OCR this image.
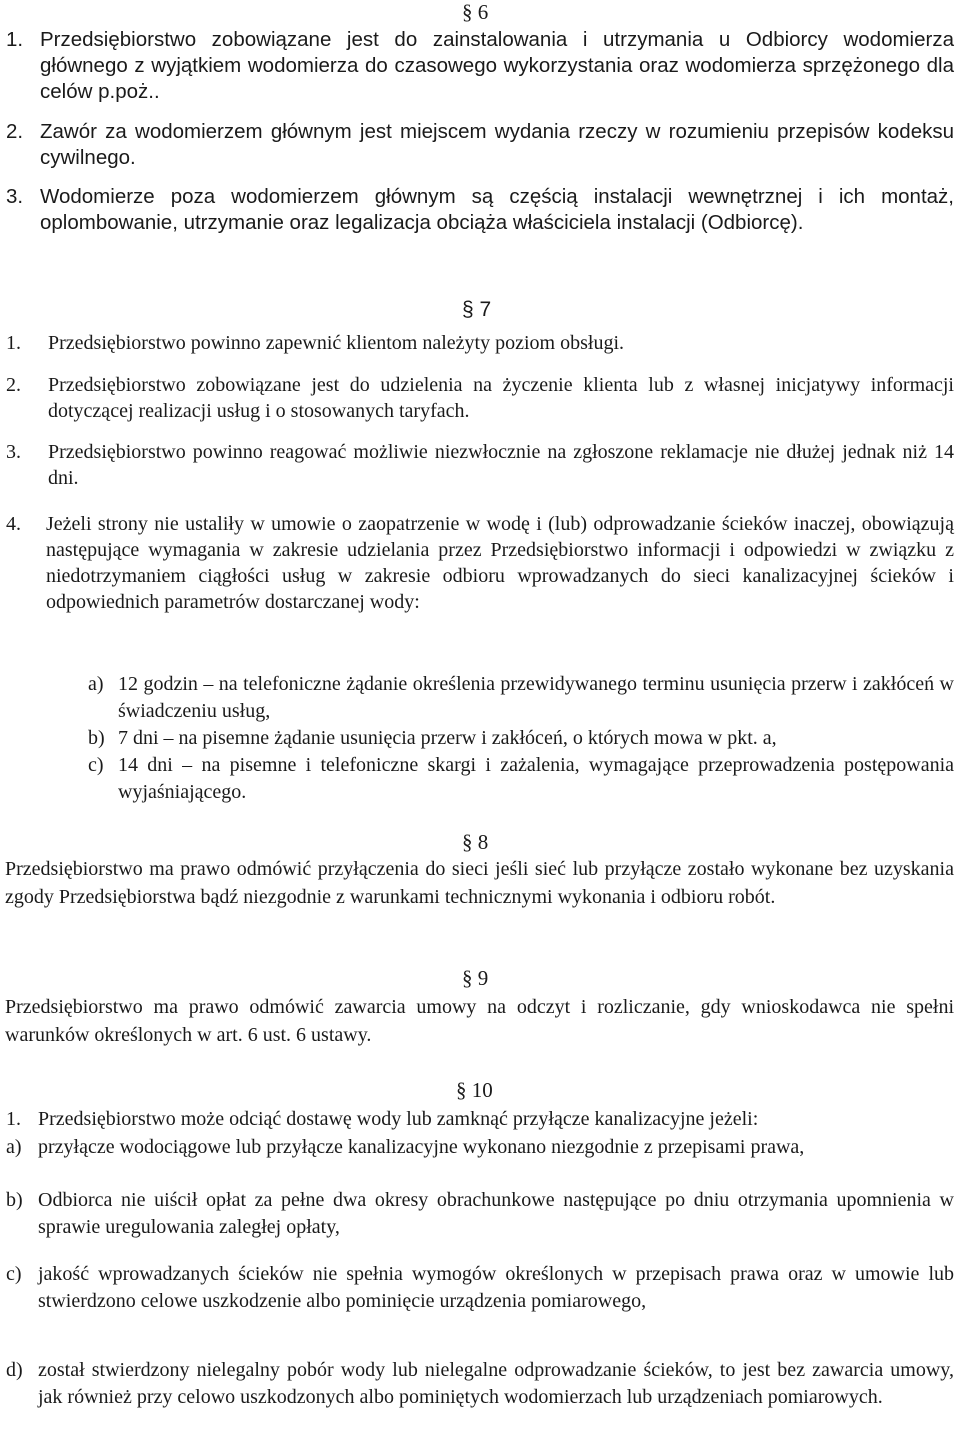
§ 6
1. Przedsiębiorstwo zobowiązane jest do zainstalowania i utrzymania u Odbiorcy wodomierza głównego z wyjątkiem wodomierza do czasowego wykorzystania oraz wodomierza sprzężonego dla celów p.poż..
2. Zawór za wodomierzem głównym jest miejscem wydania rzeczy w rozumieniu przepisów kodeksu cywilnego.
3. Wodomierze poza wodomierzem głównym są częścią instalacji wewnętrznej i ich montaż, oplombowanie, utrzymanie oraz legalizacja obciąża właściciela instalacji (Odbiorcę).
§ 7
1. Przedsiębiorstwo powinno zapewnić klientom należyty poziom obsługi.
2. Przedsiębiorstwo zobowiązane jest do udzielenia na życzenie klienta lub z własnej inicjatywy informacji dotyczącej realizacji usług i o stosowanych taryfach.
3. Przedsiębiorstwo powinno reagować możliwie niezwłocznie na zgłoszone reklamacje nie dłużej jednak niż 14 dni.
4. Jeżeli strony nie ustaliły w umowie o zaopatrzenie w wodę i (lub) odprowadzanie ścieków inaczej, obowiązują następujące wymagania w zakresie udzielania przez Przedsiębiorstwo informacji i odpowiedzi w związku z niedotrzymaniem ciągłości usług w zakresie odbioru wprowadzanych do sieci kanalizacyjnej ścieków i odpowiednich parametrów dostarczanej wody:
a) 12 godzin – na telefoniczne żądanie określenia przewidywanego terminu usunięcia przerw i zakłóceń w świadczeniu usług,
b) 7 dni – na pisemne żądanie usunięcia przerw i zakłóceń, o których mowa w pkt. a,
c) 14 dni – na pisemne i telefoniczne skargi i zażalenia, wymagające przeprowadzenia postępowania wyjaśniającego.
§ 8
Przedsiębiorstwo ma prawo odmówić przyłączenia do sieci jeśli sieć lub przyłącze zostało wykonane bez uzyskania zgody Przedsiębiorstwa bądź niezgodnie z warunkami technicznymi wykonania i odbioru robót.
§ 9
Przedsiębiorstwo ma prawo odmówić zawarcia umowy na odczyt i rozliczanie, gdy wnioskodawca nie spełni warunków określonych w art. 6 ust. 6 ustawy.
§ 10
1. Przedsiębiorstwo może odciąć dostawę wody lub zamknąć przyłącze kanalizacyjne jeżeli:
a) przyłącze wodociągowe lub przyłącze kanalizacyjne wykonano niezgodnie z przepisami prawa,
b) Odbiorca nie uiścił opłat za pełne dwa okresy obrachunkowe następujące po dniu otrzymania upomnienia w sprawie uregulowania zaległej opłaty,
c) jakość wprowadzanych ścieków nie spełnia wymogów określonych w przepisach prawa oraz w umowie lub stwierdzono celowe uszkodzenie albo pominięcie urządzenia pomiarowego,
d) został stwierdzony nielegalny pobór wody lub nielegalne odprowadzanie ścieków, to jest bez zawarcia umowy, jak również przy celowo uszkodzonych albo pominiętych wodomierzach lub urządzeniach pomiarowych.
